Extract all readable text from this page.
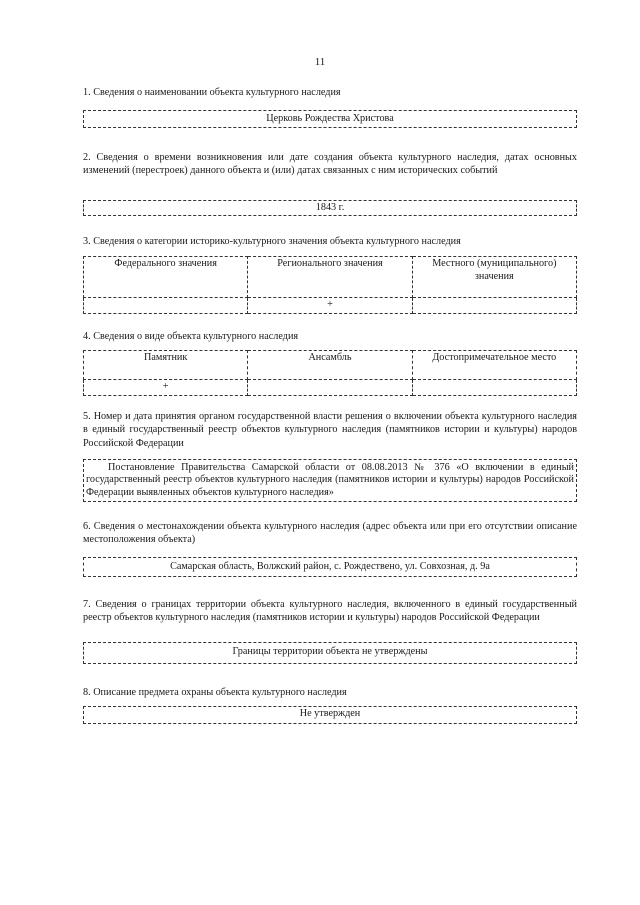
11
1. Сведения о наименовании объекта культурного наследия
Церковь Рождества Христова
2. Сведения о времени возникновения или дате создания объекта культурного наследия, датах основных изменений (перестроек) данного объекта и (или) датах связанных с ним исторических событий
1843 г.
3. Сведения о категории историко-культурного значения объекта культурного наследия
Федерального значения	Регионального значения	Местного (муниципального) значения
	+	
4. Сведения о виде объекта культурного наследия
Памятник	Ансамбль	Достопримечательное место
+		
5. Номер и дата принятия органом государственной власти решения о включении объекта культурного наследия в единый государственный реестр объектов культурного наследия (памятников истории и культуры) народов Российской Федерации
Постановление Правительства Самарской области от 08.08.2013 № 376 «О включении в единый государственный реестр объектов культурного наследия (памятников истории и культуры) народов Российской Федерации выявленных объектов культурного наследия»
6. Сведения о местонахождении объекта культурного наследия (адрес объекта или при его отсутствии описание местоположения объекта)
Самарская область, Волжский район, с. Рождествено, ул. Совхозная, д. 9а
7. Сведения о границах территории объекта культурного наследия, включенного в единый государственный реестр объектов культурного наследия (памятников истории и культуры) народов Российской Федерации
Границы территории объекта не утверждены
8. Описание предмета охраны объекта культурного наследия
Не утвержден
